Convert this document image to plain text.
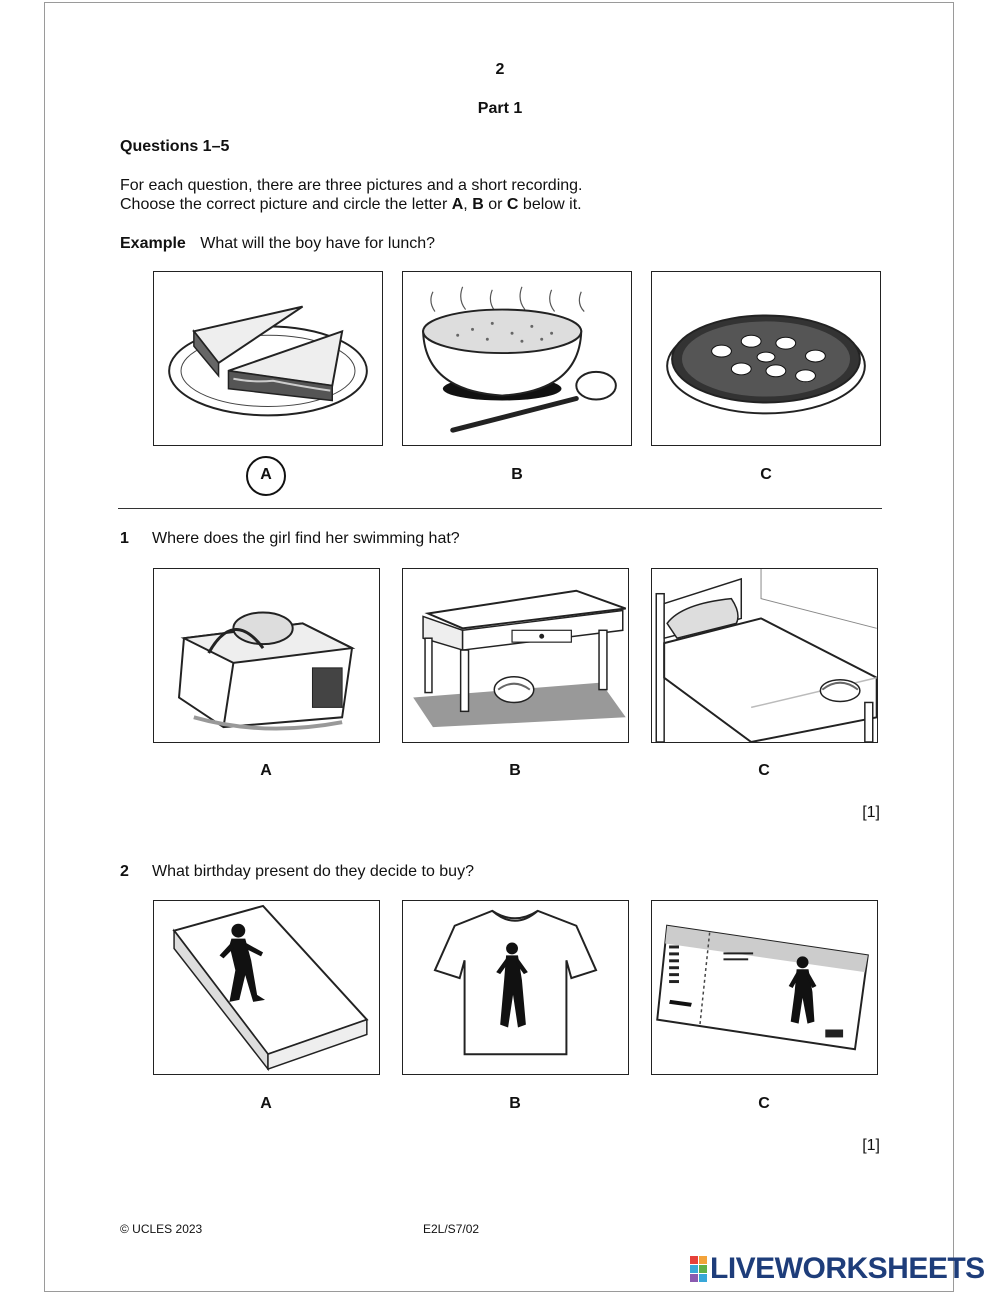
2
Part 1
Questions 1–5
For each question, there are three pictures and a short recording.
Choose the correct picture and circle the letter A, B or C below it.
Example What will the boy have for lunch?
A	B	C
1 Where does the girl find her swimming hat?
A	B	C
[1]
2 What birthday present do they decide to buy?
A	B	C
[1]
© UCLES 2023	E2L/S7/02
LIVEWORKSHEETS
